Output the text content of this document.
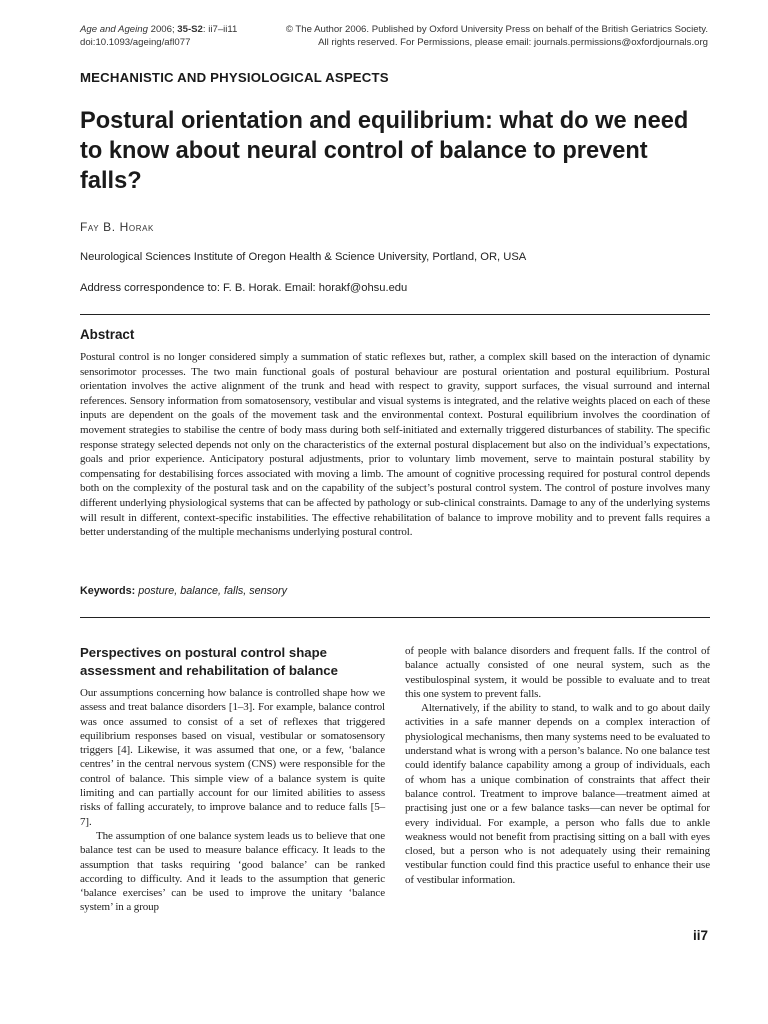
Age and Ageing 2006; 35-S2: ii7–ii11
doi:10.1093/ageing/afl077
© The Author 2006. Published by Oxford University Press on behalf of the British Geriatrics Society.
All rights reserved. For Permissions, please email: journals.permissions@oxfordjournals.org
MECHANISTIC AND PHYSIOLOGICAL ASPECTS
Postural orientation and equilibrium: what do we need to know about neural control of balance to prevent falls?
Fay B. Horak
Neurological Sciences Institute of Oregon Health & Science University, Portland, OR, USA
Address correspondence to: F. B. Horak. Email: horakf@ohsu.edu
Abstract

Postural control is no longer considered simply a summation of static reflexes but, rather, a complex skill based on the interaction of dynamic sensorimotor processes. The two main functional goals of postural behaviour are postural orientation and postural equilibrium. Postural orientation involves the active alignment of the trunk and head with respect to gravity, support surfaces, the visual surround and internal references. Sensory information from somatosensory, vestibular and visual systems is integrated, and the relative weights placed on each of these inputs are dependent on the goals of the movement task and the environmental context. Postural equilibrium involves the coordination of movement strategies to stabilise the centre of body mass during both self-initiated and externally triggered disturbances of stability. The specific response strategy selected depends not only on the characteristics of the external postural displacement but also on the individual’s expectations, goals and prior experience. Anticipatory postural adjustments, prior to voluntary limb movement, serve to maintain postural stability by compensating for destabilising forces associated with moving a limb. The amount of cognitive processing required for postural control depends both on the complexity of the postural task and on the capability of the subject’s postural control system. The control of posture involves many different underlying physiological systems that can be affected by pathology or sub-clinical constraints. Damage to any of the underlying systems will result in different, context-specific instabilities. The effective rehabilitation of balance to improve mobility and to prevent falls requires a better understanding of the multiple mechanisms underlying postural control.

Keywords: posture, balance, falls, sensory
Perspectives on postural control shape assessment and rehabilitation of balance

Our assumptions concerning how balance is controlled shape how we assess and treat balance disorders [1–3]. For example, balance control was once assumed to consist of a set of reflexes that triggered equilibrium responses based on visual, vestibular or somatosensory triggers [4]. Likewise, it was assumed that one, or a few, ‘balance centres’ in the central nervous system (CNS) were responsible for the control of balance. This simple view of a balance system is quite limiting and can partially account for our limited abilities to assess risks of falling accurately, to improve balance and to reduce falls [5–7].

The assumption of one balance system leads us to believe that one balance test can be used to measure balance efficacy. It leads to the assumption that tasks requiring ‘good balance’ can be ranked according to difficulty. And it leads to the assumption that generic ‘balance exercises’ can be used to improve the unitary ‘balance system’ in a group

of people with balance disorders and frequent falls. If the control of balance actually consisted of one neural system, such as the vestibulospinal system, it would be possible to evaluate and to treat this one system to prevent falls.

Alternatively, if the ability to stand, to walk and to go about daily activities in a safe manner depends on a complex interaction of physiological mechanisms, then many systems need to be evaluated to understand what is wrong with a person’s balance. No one balance test could identify balance capability among a group of individuals, each of whom has a unique combination of constraints that affect their balance control. Treatment to improve balance—treatment aimed at practising just one or a few balance tasks—can never be optimal for every individual. For example, a person who falls due to ankle weakness would not benefit from practising sitting on a ball with eyes closed, but a person who is not adequately using their remaining vestibular function could find this practice useful to enhance their use of vestibular information.

ii7
